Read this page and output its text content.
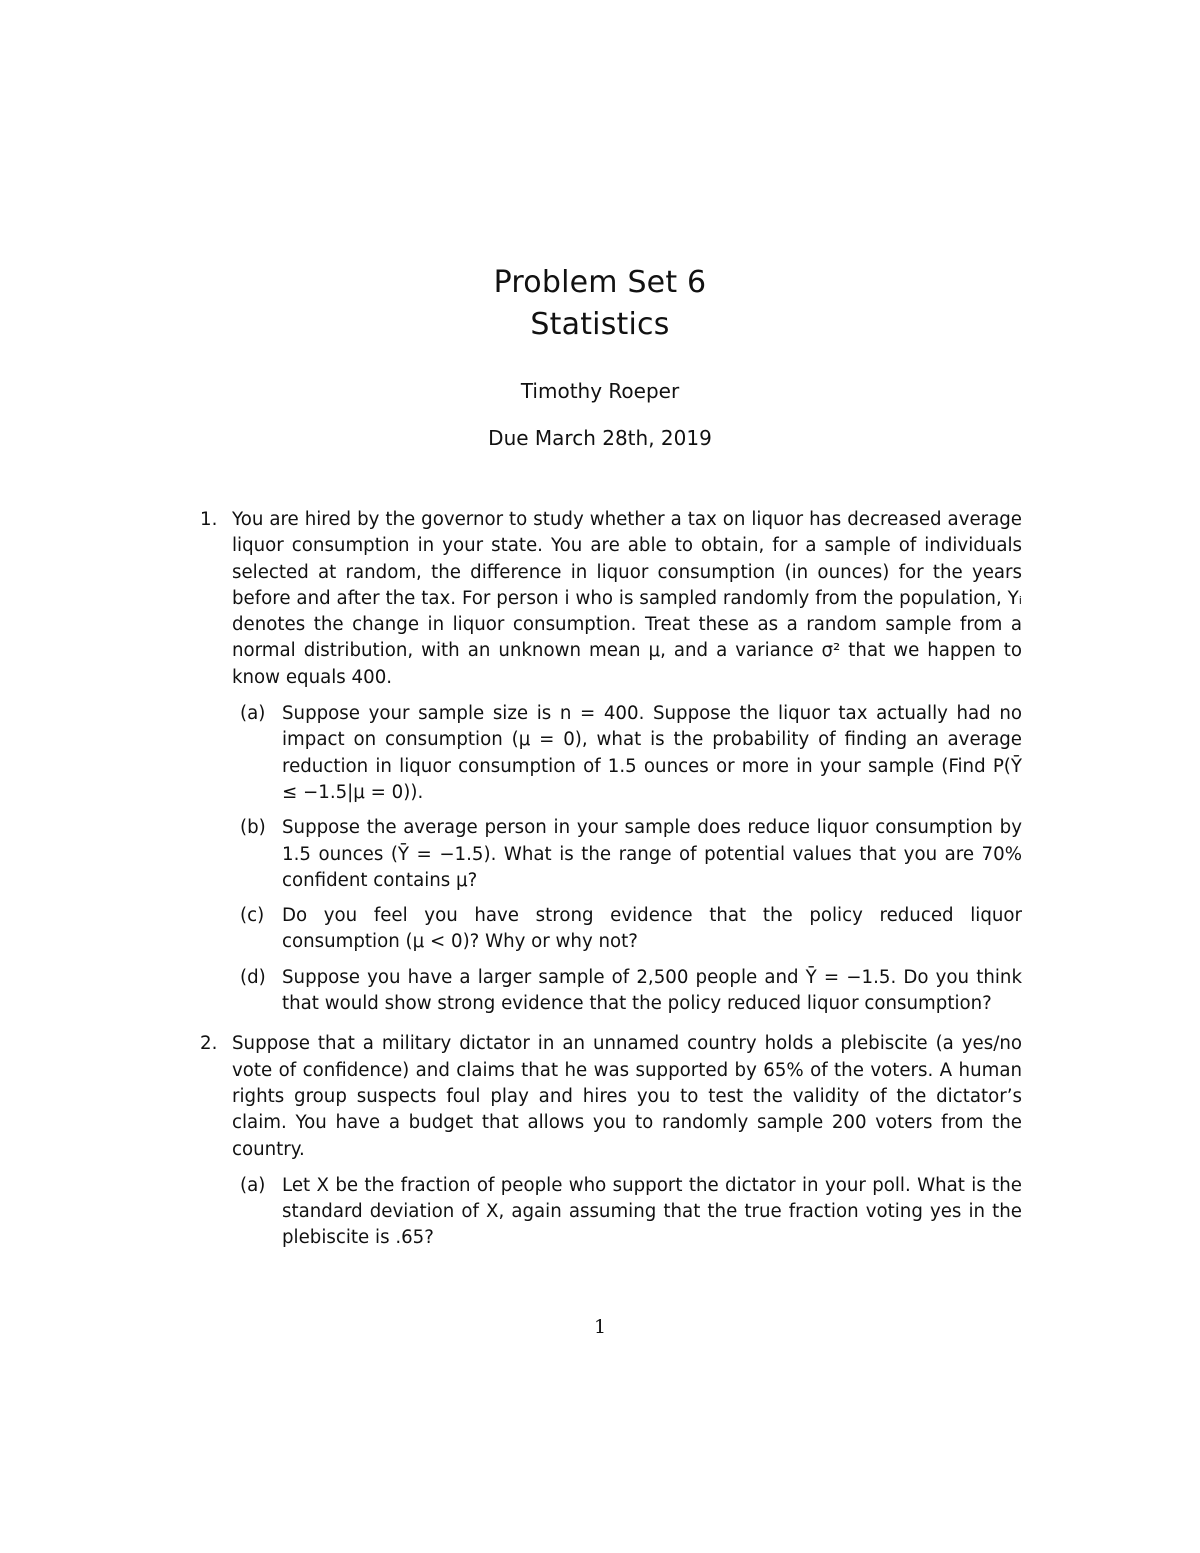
Problem Set 6
Statistics
Timothy Roeper
Due March 28th, 2019
1. You are hired by the governor to study whether a tax on liquor has decreased average liquor consumption in your state. You are able to obtain, for a sample of individuals selected at random, the difference in liquor consumption (in ounces) for the years before and after the tax. For person i who is sampled randomly from the population, Yᵢ denotes the change in liquor consumption. Treat these as a random sample from a normal distribution, with an unknown mean μ, and a variance σ² that we happen to know equals 400.
(a) Suppose your sample size is n = 400. Suppose the liquor tax actually had no impact on consumption (μ = 0), what is the probability of finding an average reduction in liquor consumption of 1.5 ounces or more in your sample (Find P(Ȳ ≤ −1.5|μ = 0)).
(b) Suppose the average person in your sample does reduce liquor consumption by 1.5 ounces (Ȳ = −1.5). What is the range of potential values that you are 70% confident contains μ?
(c) Do you feel you have strong evidence that the policy reduced liquor consumption (μ < 0)? Why or why not?
(d) Suppose you have a larger sample of 2,500 people and Ȳ = −1.5. Do you think that would show strong evidence that the policy reduced liquor consumption?
2. Suppose that a military dictator in an unnamed country holds a plebiscite (a yes/no vote of confidence) and claims that he was supported by 65% of the voters. A human rights group suspects foul play and hires you to test the validity of the dictator’s claim. You have a budget that allows you to randomly sample 200 voters from the country.
(a) Let X be the fraction of people who support the dictator in your poll. What is the standard deviation of X, again assuming that the true fraction voting yes in the plebiscite is .65?
1
